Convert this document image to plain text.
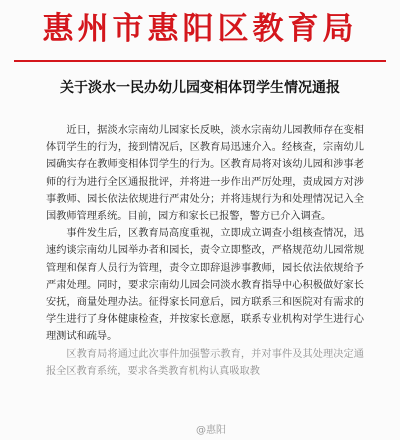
惠州市惠阳区教育局
关于淡水一民办幼儿园变相体罚学生情况通报

近日，据淡水宗南幼儿园家长反映，淡水宗南幼儿园教师存在变相体罚学生的行为，接到情况后，区教育局迅速介入。经核查，宗南幼儿园确实存在教师变相体罚学生的行为。区教育局将对该幼儿园和涉事老师的行为进行全区通报批评，并将进一步作出严厉处理，责成园方对涉事教师、园长依法依规进行严肃处分；并将违规行为和处理情况记入全国教师管理系统。目前，园方和家长已报警，警方已介入调查。

事件发生后，区教育局高度重视，立即成立调查小组核查情况，迅速约谈宗南幼儿园举办者和园长，责令立即整改，严格规范幼儿园常规管理和保育人员行为管理，责令立即辞退涉事教师，园长依法依规给予严肃处理。同时，要求宗南幼儿园会同淡水教育指导中心积极做好家长安抚，商量处理办法。征得家长同意后，园方联系三和医院对有需求的学生进行了身体健康检查，并按家长意愿，联系专业机构对学生进行心理测试和疏导。

区教育局将通过此次事件加强警示教育，并对事件及其处理决定通报全区教育系统，要求各类教育机构认真吸取教

@惠阳
